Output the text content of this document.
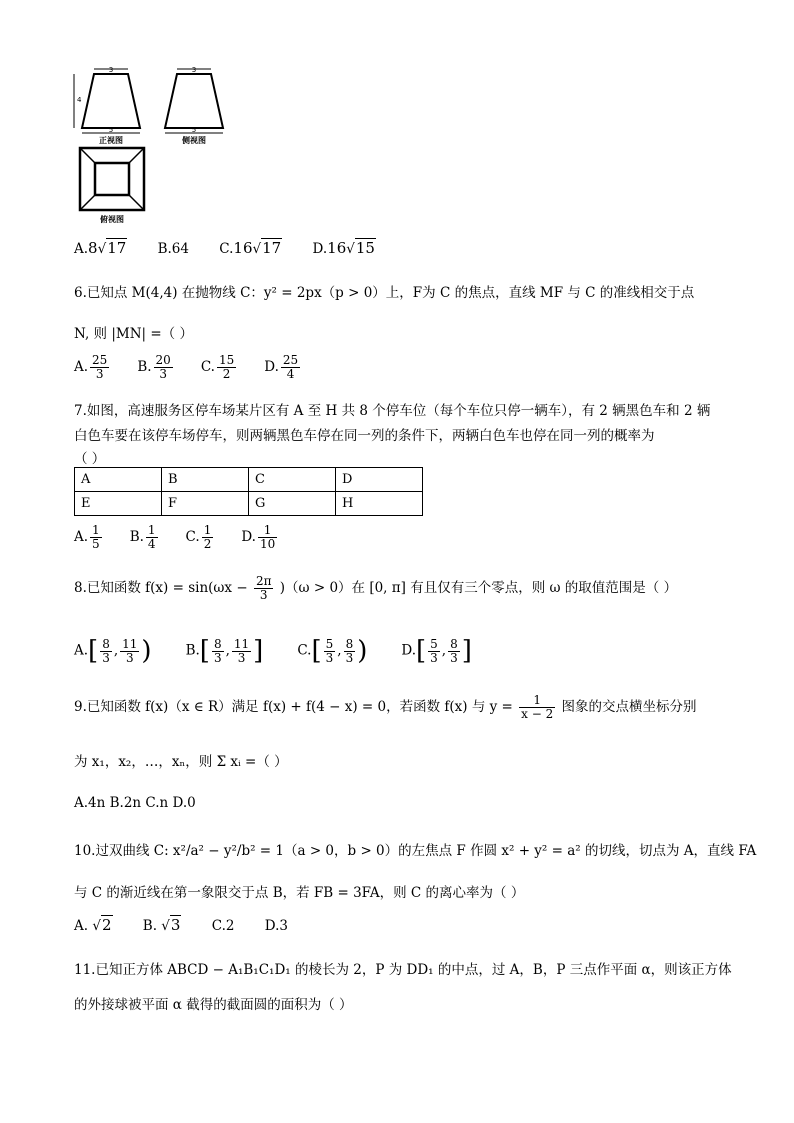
3
4
5
正视图
3
5
侧视图
俯视图
A.8√17 B.64 C.16√17 D.16√15
6.已知点 M(4,4) 在抛物线 C：y² = 2px（p > 0）上，F为 C 的焦点，直线 MF 与 C 的准线相交于点
N, 则 |MN| =（ ）
A. $\frac{25}{3} B$. $\frac{20}{3} C$. $\frac{15}{2} D$. $\frac{25}{4}$
7.如图，高速服务区停车场某片区有 A 至 H 共 8 个停车位（每个车位只停一辆车），有 2 辆黑色车和 2 辆
白色车要在该停车场停车，则两辆黑色车停在同一列的条件下，两辆白色车也停在同一列的概率为
（ ）
A	B	C	D
E	F	G	H
A. $\frac{1}{5} B$. $\frac{1}{4} C$. $\frac{1}{2} D$. $\frac{1}{10}$
8.已知函数 $f(x) = \sin(\omega x - \frac{2\pi}{3} )(\omega > 0)$在 [0, π] 有且仅有三个零点，则 ω 的取值范围是（ ）
$A.[ \frac{8}{3}$ , $\frac{11}{3}$ )	$B.[ \frac{8}{3}$ , $\frac{11}{3}$ ]	$C.[ \frac{5}{3}$ , $\frac{8}{3}$ )	$D.[ \frac{5}{3}$ , $\frac{8}{3}$ ]
9.已知函数 f(x)（x ∈ R）满足 f(x) + f(4 − x) = 0，若函数 f(x) 与 $y = \frac{1}{x - 2}$ 图象的交点横坐标分别
为 x₁，x₂，…，xₙ，则 Σ xᵢ =（ ）
A.4n B.2n C.n D.0
10.过双曲线 C: x²/a² − y²/b² = 1（a > 0，b > 0）的左焦点 F 作圆 x² + y² = a² 的切线，切点为 A，直线 FA
与 C 的渐近线在第一象限交于点 B，若 FB = 3FA，则 C 的离心率为（ ）
A. √2 B. √3 C.2 D.3
11.已知正方体 ABCD − A₁B₁C₁D₁ 的棱长为 2，P 为 DD₁ 的中点，过 A，B，P 三点作平面 α，则该正方体
的外接球被平面 α 截得的截面圆的面积为（ ）
